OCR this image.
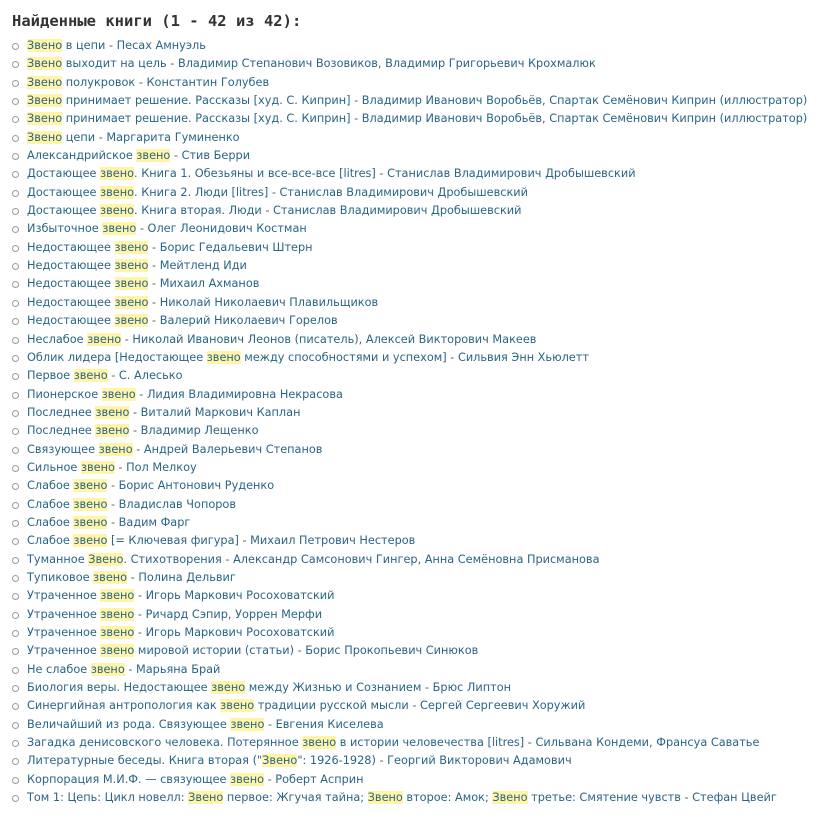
Найденные книги (1 - 42 из 42):
Звено в цепи - Песах Амнуэль
Звено выходит на цель - Владимир Степанович Возовиков, Владимир Григорьевич Крохмалюк
Звено полукровок - Константин Голубев
Звено принимает решение. Рассказы [худ. С. Киприн] - Владимир Иванович Воробьёв, Спартак Семёнович Киприн (иллюстратор)
Звено принимает решение. Рассказы [худ. С. Киприн] - Владимир Иванович Воробьёв, Спартак Семёнович Киприн (иллюстратор)
Звено цепи - Маргарита Гуминенко
Александрийское звено - Стив Берри
Достающее звено. Книга 1. Обезьяны и все-все-все [litres] - Станислав Владимирович Дробышевский
Достающее звено. Книга 2. Люди [litres] - Станислав Владимирович Дробышевский
Достающее звено. Книга вторая. Люди - Станислав Владимирович Дробышевский
Избыточное звено - Олег Леонидович Костман
Недостающее звено - Борис Гедальевич Штерн
Недостающее звено - Мейтленд Иди
Недостающее звено - Михаил Ахманов
Недостающее звено - Николай Николаевич Плавильщиков
Недостающее звено - Валерий Николаевич Горелов
Неслабое звено - Николай Иванович Леонов (писатель), Алексей Викторович Макеев
Облик лидера [Недостающее звено между способностями и успехом] - Сильвия Энн Хьюлетт
Первое звено - С. Алесько
Пионерское звено - Лидия Владимировна Некрасова
Последнее звено - Виталий Маркович Каплан
Последнее звено - Владимир Лещенко
Связующее звено - Андрей Валерьевич Степанов
Сильное звено - Пол Мелкоу
Слабое звено - Борис Антонович Руденко
Слабое звено - Владислав Чопоров
Слабое звено - Вадим Фарг
Слабое звено [= Ключевая фигура] - Михаил Петрович Нестеров
Туманное Звено. Стихотворения - Александр Самсонович Гингер, Анна Семёновна Присманова
Тупиковое звено - Полина Дельвиг
Утраченное звено - Игорь Маркович Росоховатский
Утраченное звено - Ричард Сэпир, Уоррен Мерфи
Утраченное звено - Игорь Маркович Росоховатский
Утраченное звено мировой истории (статьи) - Борис Прокопьевич Синюков
Не слабое звено - Марьяна Брай
Биология веры. Недостающее звено между Жизнью и Сознанием - Брюс Липтон
Синергийная антропология как звено традиции русской мысли - Сергей Сергеевич Хоружий
Величайший из рода. Связующее звено - Евгения Киселева
Загадка денисовского человека. Потерянное звено в истории человечества [litres] - Сильвана Кондеми, Франсуа Саватье
Литературные беседы. Книга вторая ("Звено": 1926-1928) - Георгий Викторович Адамович
Корпорация М.И.Ф. — связующее звено - Роберт Асприн
Том 1: Цепь: Цикл новелл: Звено первое: Жгучая тайна; Звено второе: Амок; Звено третье: Смятение чувств - Стефан Цвейг
